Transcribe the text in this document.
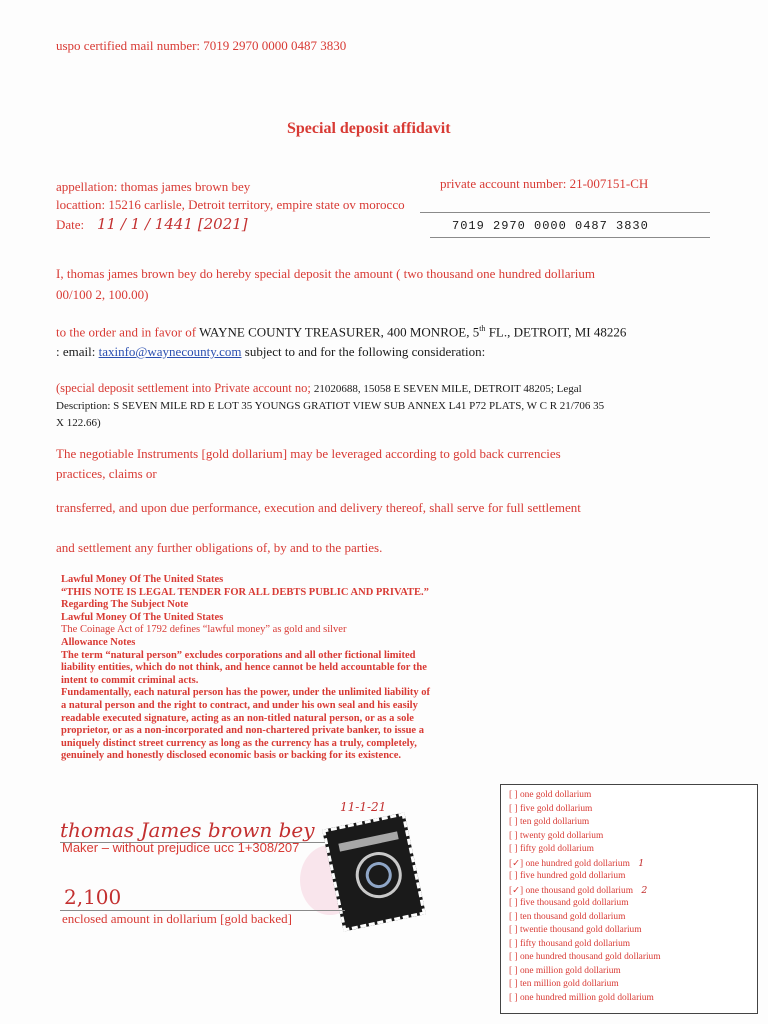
uspo certified mail number: 7019 2970 0000 0487 3830
Special deposit affidavit
appellation: thomas james brown bey	private account number: 21-007151-CH
locattion: 15216 carlisle, Detroit territory, empire state ov morocco
Date: 11 / 1 / 1441 [2021]	7019 2970 0000 0487 3830
I, thomas james brown bey do hereby special deposit the amount ( two thousand one hundred dollarium
00/100 2, 100.00)
to the order and in favor of WAYNE COUNTY TREASURER, 400 MONROE, 5th FL., DETROIT, MI 48226
: email: taxinfo@waynecounty.com subject to and for the following consideration:
(special deposit settlement into Private account no; 21020688, 15058 E SEVEN MILE, DETROIT 48205; Legal
Description: S SEVEN MILE RD E LOT 35 YOUNGS GRATIOT VIEW SUB ANNEX L41 P72 PLATS, W C R 21/706 35
X 122.66)
The negotiable Instruments [gold dollarium] may be leveraged according to gold back currencies
practices, claims or
transferred, and upon due performance, execution and delivery thereof, shall serve for full settlement
and settlement any further obligations of, by and to the parties.
Lawful Money Of The United States
“THIS NOTE IS LEGAL TENDER FOR ALL DEBTS PUBLIC AND PRIVATE.”
Regarding The Subject Note
Lawful Money Of The United States
The Coinage Act of 1792 defines “lawful money” as gold and silver
Allowance Notes
The term “natural person” excludes corporations and all other fictional limited
liability entities, which do not think, and hence cannot be held accountable for the
intent to commit criminal acts.
Fundamentally, each natural person has the power, under the unlimited liability of
a natural person and the right to contract, and under his own seal and his easily
readable executed signature, acting as an non-titled natural person, or as a sole
proprietor, or as a non-incorporated and non-chartered private banker, to issue a
uniquely distinct street currency as long as the currency has a truly, completely,
genuinely and honestly disclosed economic basis or backing for its existence.
thomas James brown bey
11-1-21
Maker – without prejudice ucc 1+308/207
2,100
enclosed amount in dollarium [gold backed]
[ ] one gold dollarium
[ ] five gold dollarium
[ ] ten gold dollarium
[ ] twenty gold dollarium
[ ] fifty gold dollarium
[✓] one hundred gold dollarium 1
[ ] five hundred gold dollarium
[✓] one thousand gold dollarium 2
[ ] five thousand gold dollarium
[ ] ten thousand gold dollarium
[ ] twentie thousand gold dollarium
[ ] fifty thousand gold dollarium
[ ] one hundred thousand gold dollarium
[ ] one million gold dollarium
[ ] ten million gold dollarium
[ ] one hundred million gold dollarium
